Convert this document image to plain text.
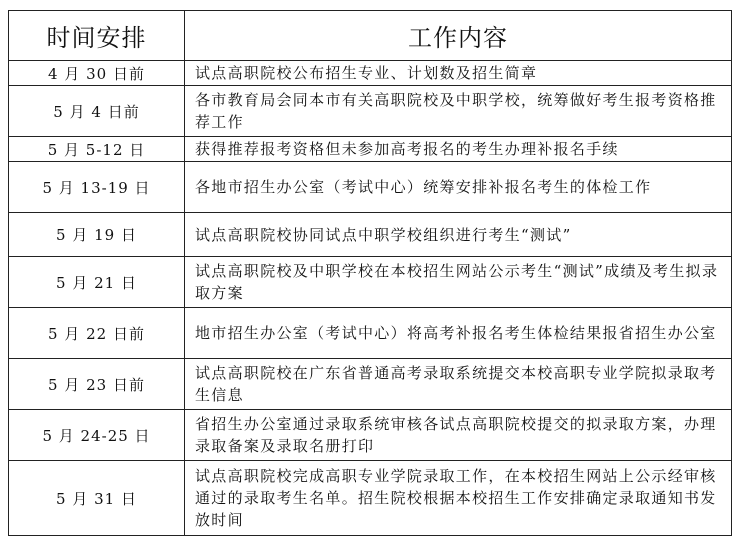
时间安排	工作内容
4 月 30 日前	试点高职院校公布招生专业、计划数及招生简章
5 月 4 日前	各市教育局会同本市有关高职院校及中职学校，统筹做好考生报考资格推荐工作
5 月 5-12 日	获得推荐报考资格但未参加高考报名的考生办理补报名手续
5 月 13-19 日	各地市招生办公室（考试中心）统筹安排补报名考生的体检工作
5 月 19 日	试点高职院校协同试点中职学校组织进行考生“测试”
5 月 21 日	试点高职院校及中职学校在本校招生网站公示考生“测试”成绩及考生拟录取方案
5 月 22 日前	地市招生办公室（考试中心）将高考补报名考生体检结果报省招生办公室
5 月 23 日前	试点高职院校在广东省普通高考录取系统提交本校高职专业学院拟录取考生信息
5 月 24-25 日	省招生办公室通过录取系统审核各试点高职院校提交的拟录取方案，办理录取备案及录取名册打印
5 月 31 日	试点高职院校完成高职专业学院录取工作，在本校招生网站上公示经审核通过的录取考生名单。招生院校根据本校招生工作安排确定录取通知书发放时间
